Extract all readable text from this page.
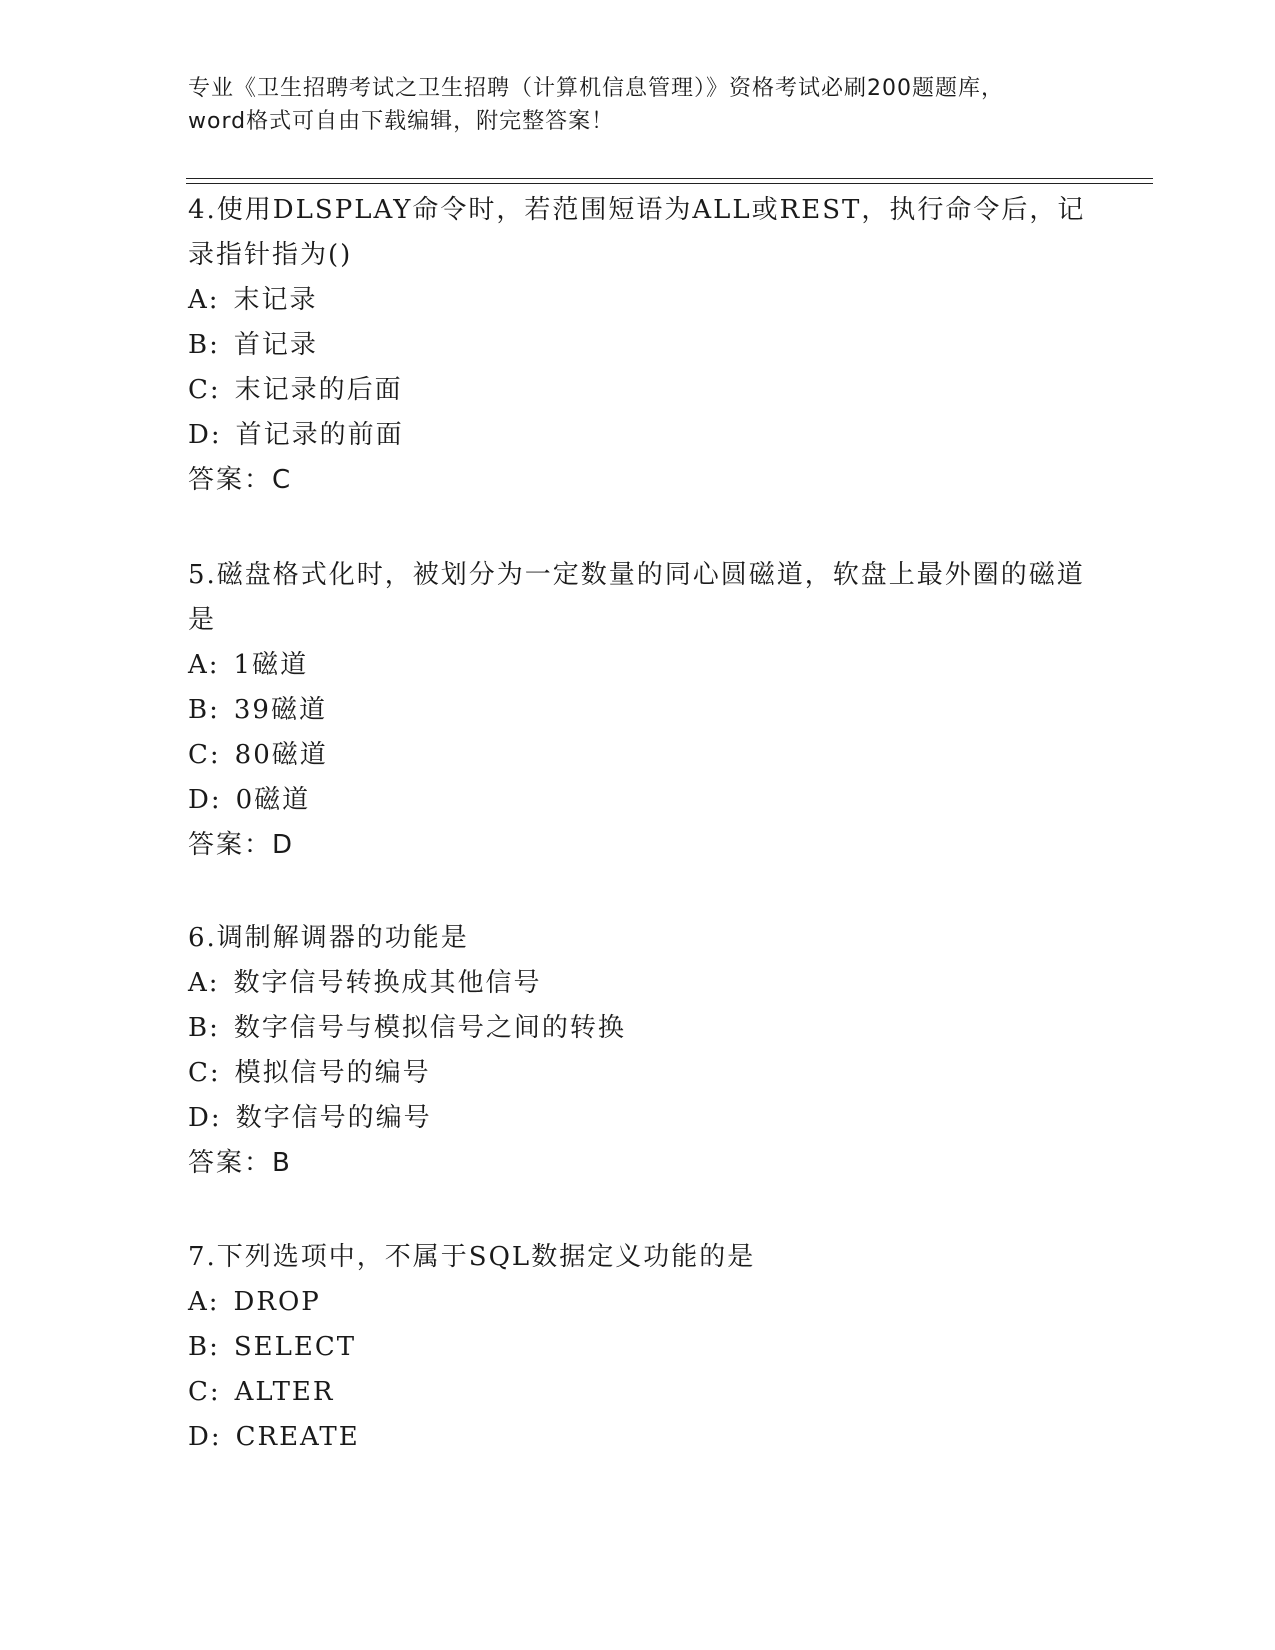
专业《卫生招聘考试之卫生招聘（计算机信息管理）》资格考试必刷200题题库，
word格式可自由下载编辑，附完整答案！
4.使用DLSPLAY命令时，若范围短语为ALL或REST，执行命令后，记录指针指为()
A: 末记录
B: 首记录
C: 末记录的后面
D: 首记录的前面
答案：C
5.磁盘格式化时，被划分为一定数量的同心圆磁道，软盘上最外圈的磁道是
A: 1磁道
B: 39磁道
C: 80磁道
D: 0磁道
答案：D
6.调制解调器的功能是
A: 数字信号转换成其他信号
B: 数字信号与模拟信号之间的转换
C: 模拟信号的编号
D: 数字信号的编号
答案：B
7.下列选项中，不属于SQL数据定义功能的是
A: DROP
B: SELECT
C: ALTER
D: CREATE
